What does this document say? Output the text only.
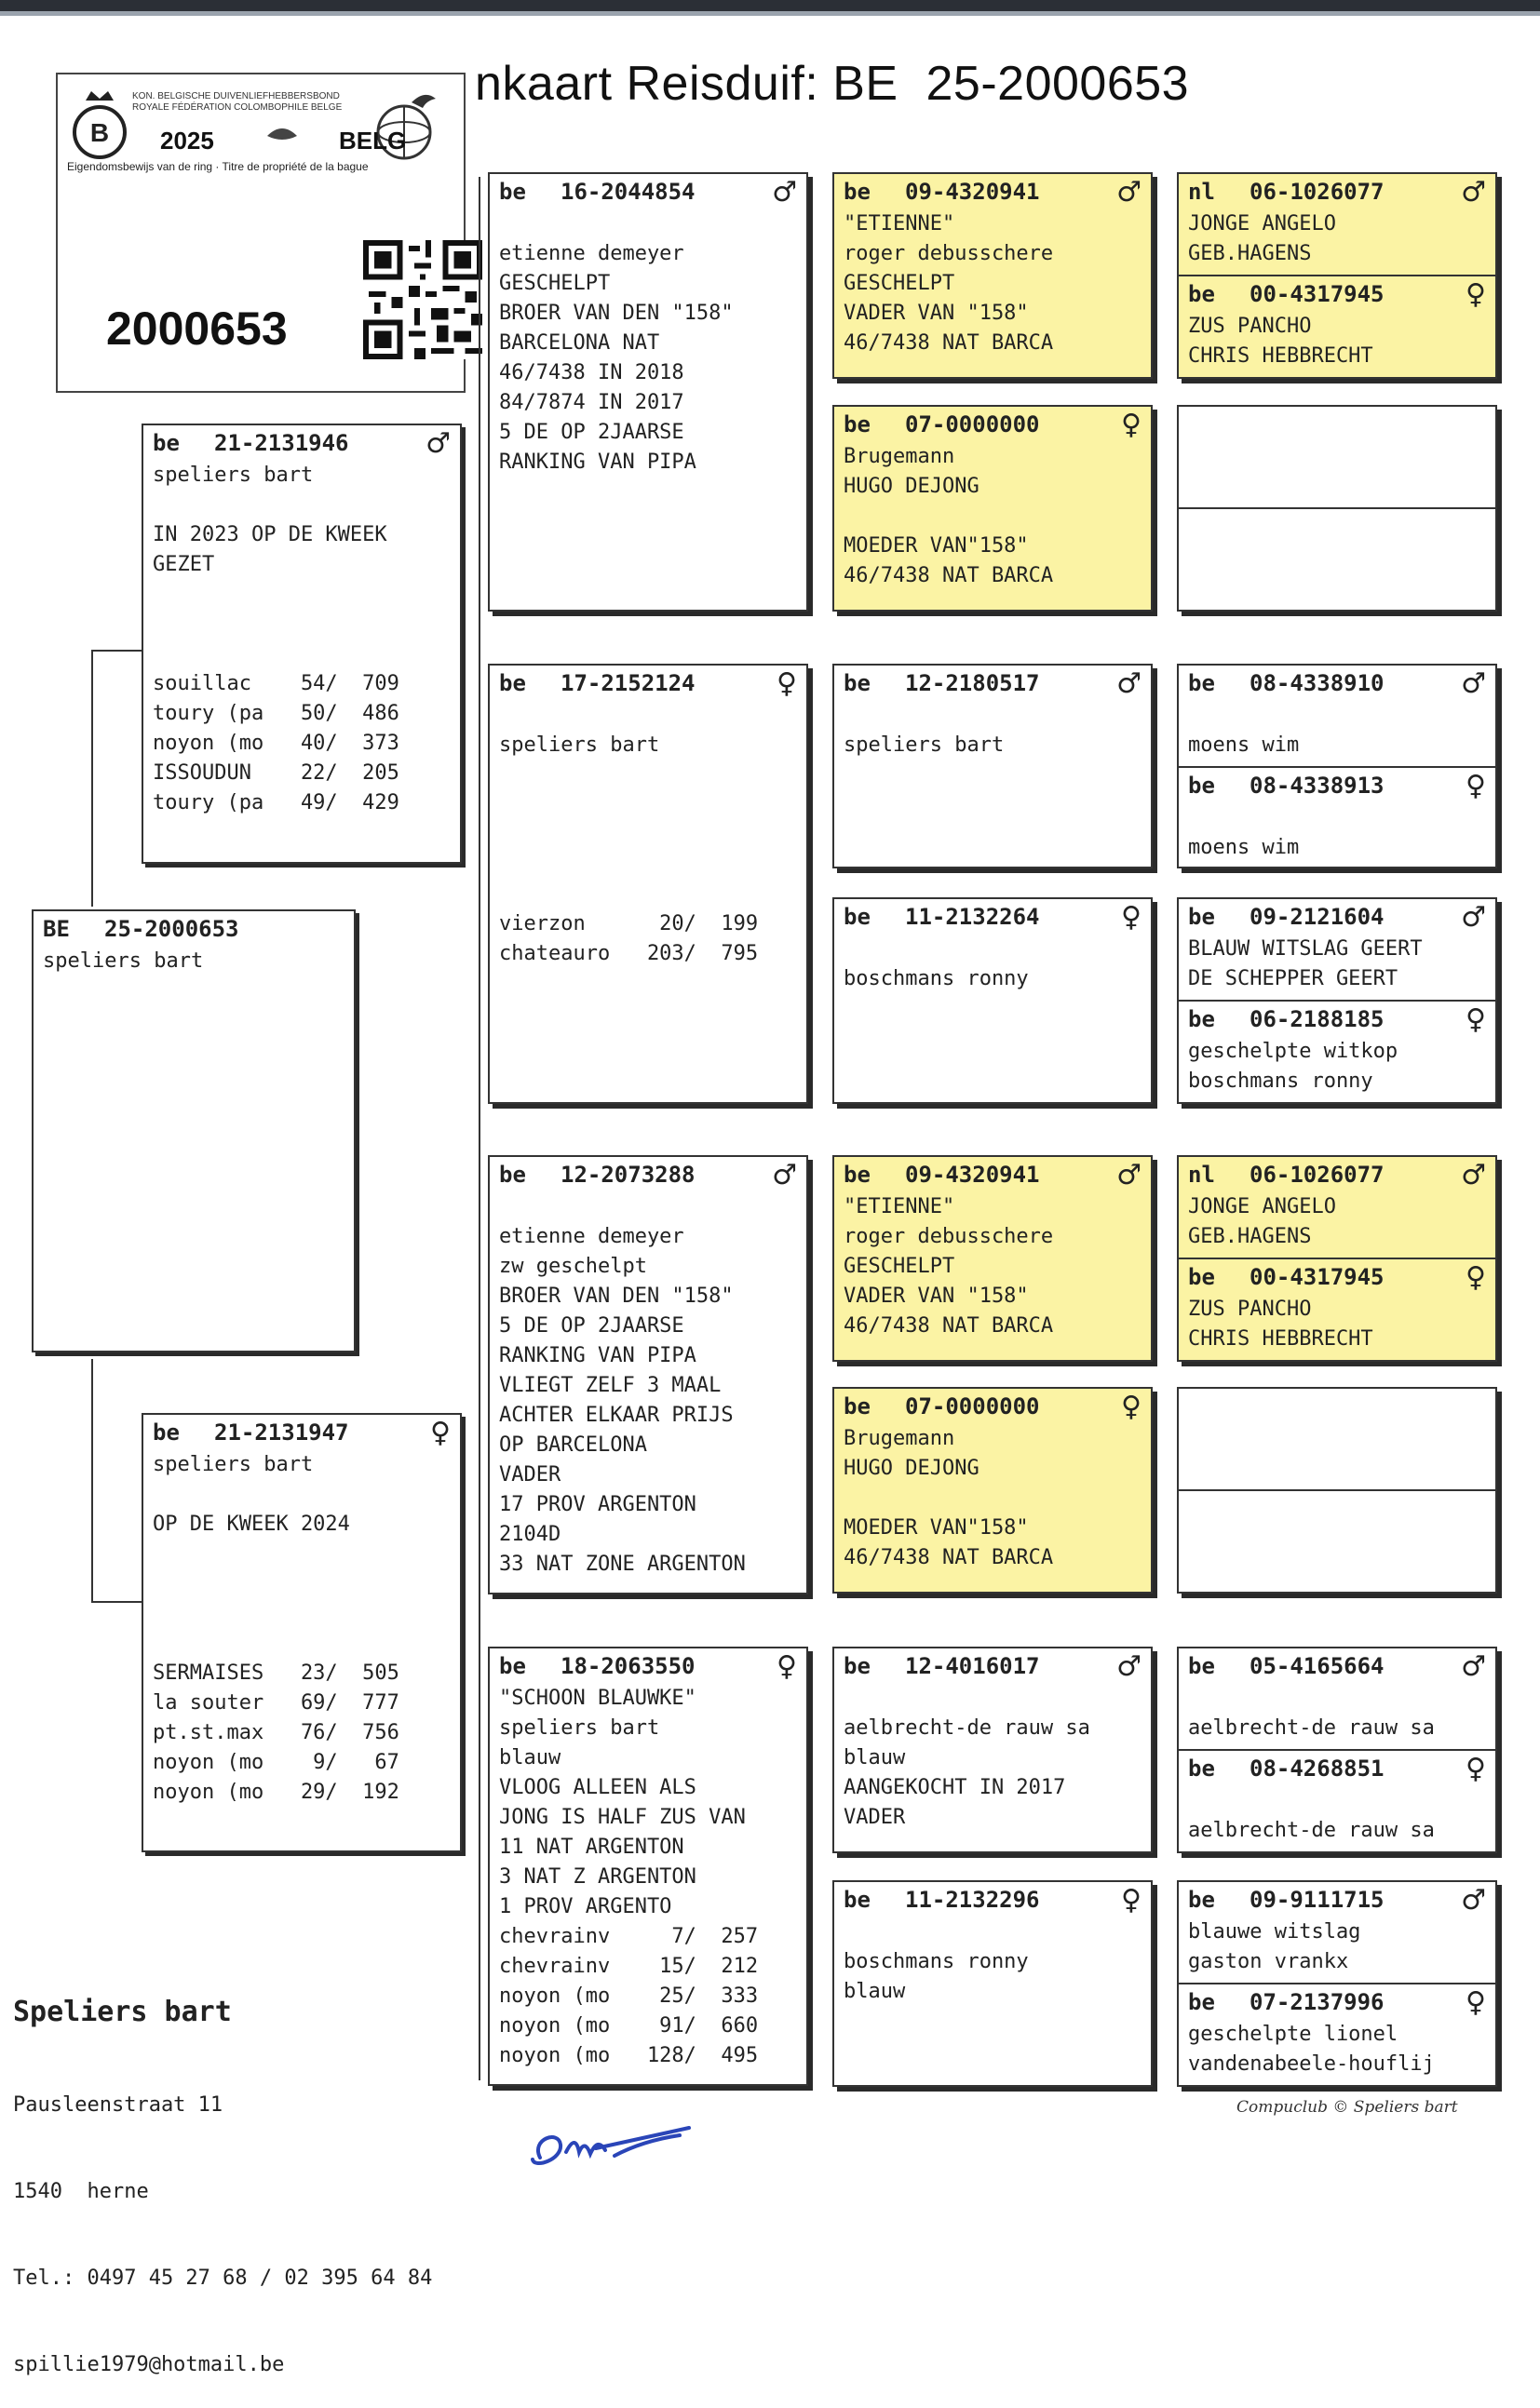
nkaart Reisduif: BE  25-2000653
B
KON. BELGISCHE DUIVENLIEFHEBBERSBOND
ROYALE FÉDÉRATION COLOMBOPHILE BELGE
2025	BELG
Eigendomsbewijs van de ring · Titre de propriété de la bague
2000653
BE	25-2000653
speliers bart
be	21-2131946	♂
speliers bart

IN 2023 OP DE KWEEK
GEZET

souillac    54/  709
toury (pa   50/  486
noyon (mo   40/  373
ISSOUDUN    22/  205
toury (pa   49/  429
be	21-2131947	♀
speliers bart

OP DE KWEEK 2024

SERMAISES   23/  505
la souter   69/  777
pt.st.max   76/  756
noyon (mo    9/   67
noyon (mo   29/  192
be	16-2044854	♂

etienne demeyer
GESCHELPT
BROER VAN DEN "158"
BARCELONA NAT
46/7438 IN 2018
84/7874 IN 2017
5 DE OP 2JAARSE
RANKING VAN PIPA
be	17-2152124	♀

speliers bart

vierzon      20/  199
chateauro   203/  795
be	12-2073288	♂

etienne demeyer
zw geschelpt
BROER VAN DEN "158"
5 DE OP 2JAARSE
RANKING VAN PIPA
VLIEGT ZELF 3 MAAL
ACHTER ELKAAR PRIJS
OP BARCELONA
VADER
17 PROV ARGENTON
2104D
33 NAT ZONE ARGENTON
be	18-2063550	♀
"SCHOON BLAUWKE"
speliers bart
blauw
VLOOG ALLEEN ALS
JONG IS HALF ZUS VAN
11 NAT ARGENTON
3 NAT Z ARGENTON
1 PROV ARGENTO
chevrainv     7/  257
chevrainv    15/  212
noyon (mo    25/  333
noyon (mo    91/  660
noyon (mo   128/  495
be	09-4320941	♂
"ETIENNE"
roger debusschere
GESCHELPT
VADER VAN "158"
46/7438 NAT BARCA
be	07-0000000	♀
Brugemann
HUGO DEJONG

MOEDER VAN"158"
46/7438 NAT BARCA
be	12-2180517	♂

speliers bart
be	11-2132264	♀

boschmans ronny
be	09-4320941	♂
"ETIENNE"
roger debusschere
GESCHELPT
VADER VAN "158"
46/7438 NAT BARCA
be	07-0000000	♀
Brugemann
HUGO DEJONG

MOEDER VAN"158"
46/7438 NAT BARCA
be	12-4016017	♂

aelbrecht-de rauw sa
blauw
AANGEKOCHT IN 2017
VADER
be	11-2132296	♀

boschmans ronny
blauw
nl	06-1026077	♂
JONGE ANGELO
GEB.HAGENS
be	00-4317945	♀
ZUS PANCHO
CHRIS HEBBRECHT
be	08-4338910	♂

moens wim
be	08-4338913	♀

moens wim
be	09-2121604	♂
BLAUW WITSLAG GEERT
DE SCHEPPER GEERT
be	06-2188185	♀
geschelpte witkop
boschmans ronny
nl	06-1026077	♂
JONGE ANGELO
GEB.HAGENS
be	00-4317945	♀
ZUS PANCHO
CHRIS HEBBRECHT
be	05-4165664	♂

aelbrecht-de rauw sa
be	08-4268851	♀

aelbrecht-de rauw sa
be	09-9111715	♂
blauwe witslag
gaston vrankx
be	07-2137996	♀
geschelpte lionel
vandenabeele-houflij

Speliers bart

Pausleenstraat 11

1540  herne

Tel.: 0497 45 27 68 / 02 395 64 84

spillie1979@hotmail.be

Compuclub © Speliers bart
